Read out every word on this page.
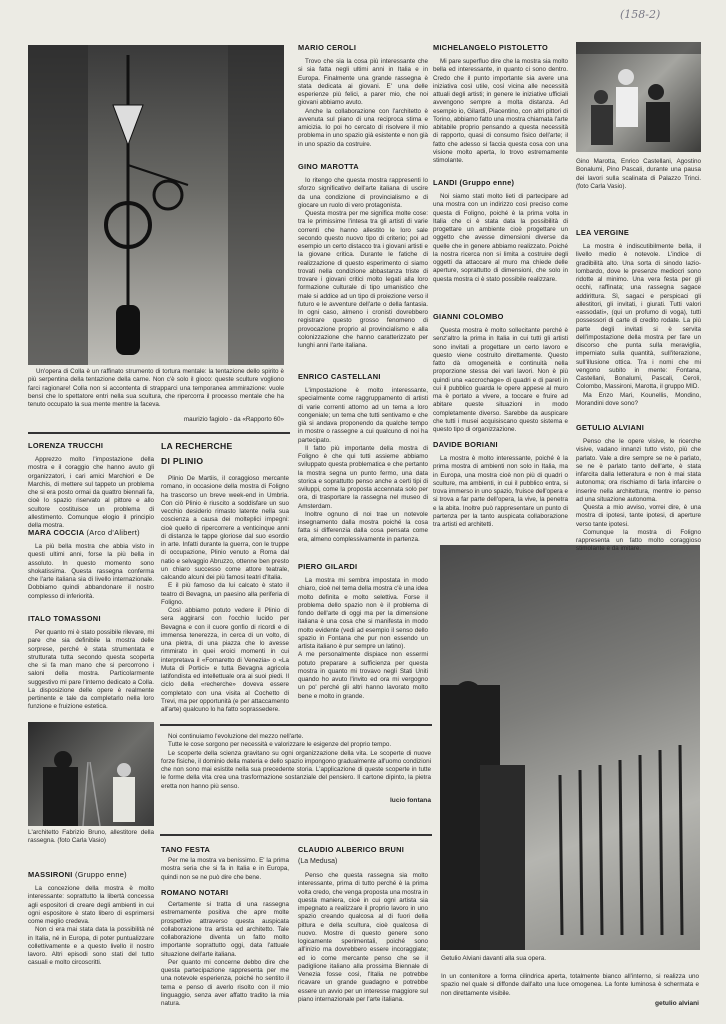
(158-2)
Un'opera di Colla è un raffinato strumento di tortura mentale: la tentazione dello spirito è più serpentina della tentazione della carne. Non c'è solo il gioco: queste sculture vogliono farci ragionare! Colla non si accontenta di strapparci una temporanea ammirazione: vuole bensì che lo spettatore entri nella sua scultura, che ripercorra il processo mentale che ha tenuto occupato la sua mente mentre la faceva.
maurizio fagiolo - da «Rapporto 60»
LORENZA TRUCCHI

Apprezzo molto l'impostazione della mostra e il coraggio che hanno avuto gli organizzatori, i cari amici Marchiori e De Marchis, di mettere sul tappeto un problema che si era posto ormai da quattro biennali fa, cioè lo spazio riservato al pittore e allo scultore costituisce un problema di allestimento. Comunque elogio il principio della mostra.

MARA COCCIA (Arco d'Alibert)

La più bella mostra che abbia visto in questi ultimi anni, forse la più bella in assoluto. In questo momento sono shokatissima. Questa rassegna conferma che l'arte italiana sia di livello internazionale. Dobbiamo quindi abbandonare il nostro complesso di inferiorità.

ITALO TOMASSONI

Per quanto mi è stato possibile rilevare, mi pare che sia definibile la mostra delle sorprese, perché è stata strumentata e strutturata tutta secondo questa scoperta che si fa man mano che si percorrono i saloni della mostra. Particolarmente suggestivo mi pare l'interno dedicato a Colla. La disposizione delle opere è realmente pertinente e tale da completarlo nella loro funzione e fruizione estetica.

L'architetto Fabrizio Bruno, allestitore della rassegna. (foto Carla Vasio)
MASSIRONI (Gruppo enne)

La concezione della mostra è molto interessante: soprattutto la libertà concessa agli espositori di creare degli ambienti in cui ogni espositore è stato libero di esprimersi come meglio credeva.

Non ci era mai stata data la possibilità né in Italia, né in Europa, di poter puntualizzare collettivamente e a questo livello il nostro lavoro. Altri episodi sono stati del tutto casuali e molto circoscritti.

LA RECHERCHE
DI PLINIO

Plinio De Martiis, il coraggioso mercante romano, in occasione della mostra di Foligno ha trascorso un breve week-end in Umbria. Con ciò Plinio è riuscito a soddisfare un suo vecchio desiderio rimasto latente nella sua coscienza a causa dei molteplici impegni: cioè quello di ripercorrere a venticinque anni di distanza le tappe gloriose dal suo esordio in arte. Infatti durante la guerra, con le truppe di occupazione, Plinio venuto a Roma dal natio e selvaggio Abruzzo, ottenne ben presto un chiaro successo come attore teatrale, calcando alcuni dei più famosi teatri d'Italia.

E il più famoso da lui calcato è stato il teatro di Bevagna, un paesino alla periferia di Foligno.

Così abbiamo potuto vedere il Plinio di sera aggirarsi con l'occhio lucido per Bevagna e con il cuore gonfio di ricordi e di immensa tenerezza, in cerca di un volto, di una pietra, di una piazza che lo avesse rimmirato in quei eroici momenti in cui interpretava il «Fornaretto di Venezia» o «La Muta di Portici» e tutta Bevagna agricola latifondista ed intellettuale ora ai suoi piedi. Il ciclo della «recherche» doveva essere completato con una visita al Cochetto di Trevi, ma per opportunità (e per attaccamento all'arte) qualcuno lo ha fatto soprassedere.

Noi continuiamo l'evoluzione del mezzo nell'arte.

Tutte le cose sorgono per necessità e valorizzare le esigenze del proprio tempo.

Le scoperte della scienza gravitano su ogni organizzazione della vita. Le scoperte di nuove forze fisiche, il dominio della materia e dello spazio impongono gradualmente all'uomo condizioni che non sono mai esistite nella sua precedente storia. L'applicazione di queste scoperte in tutte le forme della vita crea una trasformazione sostanziale del pensiero. Il cartone dipinto, la pietra eretta non hanno più senso.

lucio fontana
TANO FESTA

Per me la mostra va benissimo. E' la prima mostra seria che si fa in Italia e in Europa, quindi non se ne può dire che bene.

ROMANO NOTARI

Certamente si tratta di una rassegna estremamente positiva che apre molte prospettive attraverso questa auspicata collaborazione tra artista ed architetto. Tale collaborazione diventa un fatto molto importante soprattutto oggi, data l'attuale situazione dell'arte italiana.

Per quanto mi concerne debbo dire che questa partecipazione rappresenta per me una notevole esperienza, poiché ho sentito il tema e penso di averlo risolto con il mio linguaggio, senza aver affatto tradito la mia natura.

MARIO CEROLI

Trovo che sia la cosa più interessante che si sia fatta negli ultimi anni in Italia e in Europa. Finalmente una grande rassegna è stata dedicata ai giovani. E' una delle esperienze più felici, a parer mio, che noi giovani abbiamo avuto.

Anche la collaborazione con l'architetto è avvenuta sul piano di una reciproca stima e amicizia. Io poi ho cercato di risolvere il mio problema in uno spazio già esistente e non già in uno spazio da costruire.

GINO MAROTTA

Io ritengo che questa mostra rappresenti lo sforzo significativo dell'arte italiana di uscire da una condizione di provincialismo e di giocare un ruolo di vero protagonista.

Questa mostra per me significa molte cose: tra le primissime l'intesa tra gli artisti di varie correnti che hanno allestito le loro sale secondo questo nuovo tipo di criterio; poi ad esempio un certo distacco tra i giovani artisti e la giovane critica. Durante le fatiche di realizzazione di questo esperimento ci siamo trovati nella condizione abbastanza triste di trovare i giovani critici molto legati alla loro formazione culturale di tipo umanistico che male si addice ad un tipo di proiezione verso il futuro e le avventure dell'arte o della fantasia. In ogni caso, almeno i cronisti dovrebbero registrare questo grosso fenomeno di provocazione proprio al provincialismo e alla colonizzazione che hanno caratterizzato per lunghi anni l'arte italiana.

ENRICO CASTELLANI

L'impostazione è molto interessante, specialmente come raggruppamento di artisti di varie correnti attorno ad un tema a loro congeniale; un tema che tutti sentivamo e che già si andava proponendo da qualche tempo in mostre o rassegne a cui qualcuno di noi ha partecipato.

Il fatto più importante della mostra di Foligno è che qui tutti assieme abbiamo sviluppato questa problematica e che pertanto la mostra segna un punto fermo, una data storica e soprattutto penso anche a certi tipi di sviluppi, come la proposta accennata solo per ora, di trasportare la rassegna nel museo di Amsterdam.

Inoltre ognuno di noi trae un notevole insegnamento dalla mostra poiché la cosa fatta si differenzia dalla cosa pensata come era, almeno complessivamente in partenza.

PIERO GILARDI

La mostra mi sembra impostata in modo chiaro, cioè nel tema della mostra c'è una idea molto definita e molto selettiva. Forse il problema dello spazio non è il problema di fondo dell'arte di oggi ma per la dimensione italiana è una cosa che si manifesta in modo molto evidente (vedi ad esempio il senso dello spazio in Fontana che pur non essendo un artista italiano è pur sempre un latino).

A me personalmente dispiace non essermi potuto preparare a sufficienza per questa mostra in quanto mi trovavo negli Stati Uniti quando ho avuto l'invito ed ora mi vergogno un po' perché gli altri hanno lavorato molto bene e molto in grande.

CLAUDIO ALBERICO BRUNI
(La Medusa)

Penso che questa rassegna sia molto interessante, prima di tutto perché è la prima volta credo, che venga proposta una mostra in questa maniera, cioè in cui ogni artista sia impegnato a realizzare il proprio lavoro in uno spazio creando qualcosa al di fuori della pittura e della scultura, cioè qualcosa di nuovo. Mostre di questo genere sono logicamente sperimentali, poiché sono all'inizio ma dovrebbero essere incoraggiate; ed io come mercante penso che se il padiglione italiano alla prossima Biennale di Venezia fosse così, l'Italia ne potrebbe ricavare un grande guadagno e potrebbe essere un avvio per un interesse maggiore sul piano internazionale per l'arte italiana.

MICHELANGELO PISTOLETTO

Mi pare superfluo dire che la mostra sia molto bella ed interessante, in quanto ci sono dentro. Credo che il punto importante sia avere una iniziativa così utile, così vicina alle necessità attuali degli artisti; in genere le iniziative ufficiali avvengono sempre a molta distanza. Ad esempio io, Gilardi, Piacentino, con altri pittori di Torino, abbiamo fatto una mostra chiamata l'arte abitabile proprio pensando a questa necessità di rapporto, quasi di consumo fisico dell'arte; il fatto che adesso si faccia questa cosa con una visione molto aperta, lo trovo estremamente stimolante.

LANDI (Gruppo enne)

Noi siamo stati molto lieti di partecipare ad una mostra con un indirizzo così preciso come questa di Foligno, poiché è la prima volta in Italia che ci è stata data la possibilità di progettare un ambiente cioè progettare un oggetto che avesse dimensioni diverse da quelle che in genere abbiamo realizzato. Poiché la nostra ricerca non si limita a costruire degli oggetti da attaccare al muro ma chiede delle aperture, soprattutto di dimensioni, che solo in questa mostra ci è stato possibile realizzare.

GIANNI COLOMBO

Questa mostra è molto sollecitante perché è senz'altro la prima in Italia in cui tutti gli artisti sono invitati a progettare un certo lavoro e questo viene costruito direttamente. Questo fatto dà omogeneità e continuità nella proporzione stessa dei vari lavori. Non è più quindi una «accrochage» di quadri e di pareti in cui il pubblico guarda le opere appese al muro ma è portato a vivere, a toccare e fruire ad abitare queste situazioni in modo completamente diverso. Sarebbe da auspicare che tutti i musei acquisiscano questo sistema e questo tipo di organizzazione.

DAVIDE BORIANI

La mostra è molto interessante, poiché è la prima mostra di ambienti non solo in Italia, ma in Europa, una mostra cioè non più di quadri o sculture, ma ambienti, in cui il pubblico entra, si trova immerso in uno spazio, fruisce dell'opera e si trova a far parte dell'opera, la vive, la penetra e la abita. Inoltre può rappresentare un punto di partenza per la tanto auspicata collaborazione tra artisti ed architetti.

Getulio Alviani davanti alla sua opera.

In un contenitore a forma cilindrica aperta, totalmente bianco all'interno, si realizza uno spazio nel quale si diffonde dall'alto una luce omogenea. La fonte luminosa è schermata e non direttamente visibile.

getulio alviani
Gino Marotta, Enrico Castellani, Agostino Bonalumi, Pino Pascali, durante una pausa dei lavori sulla scalinata di Palazzo Trinci. (foto Carla Vasio).
LEA VERGINE

La mostra è indiscutibilmente bella, il livello medio è notevole. L'indice di gradibilità alto. Una sorta di sinodo lazio-lombardo, dove le presenze mediocri sono ridotte al minimo. Una vera festa per gli occhi, raffinata; una rassegna sagace addirittura. Sì, sagaci e perspicaci gli allestitori, gli invitati, i giurati. Tutti valori «assodati», (qui un profumo di voga), tutti possessori di carte di credito rodate. La più parte degli invitati si è servita dell'impostazione della mostra per fare un discorso che punta sulla meraviglia, imperniato sulla quantità, sull'iterazione, sull'illusione ottica. Tra i nomi che mi vengono subito in mente: Fontana, Castellani, Bonalumi, Pascali, Ceroli, Colombo, Massironi, Marotta, il gruppo MID.

Ma Enzo Mari, Kounellis, Mondino, Morandini dove sono?

GETULIO ALVIANI

Penso che le opere visive, le ricerche visive, vadano innanzi tutto visto, più che parlato. Vale a dire sempre se ne è parlato, se ne è parlato tanto dell'arte, è stata infarcita dalla letteratura e non è mai stata autonoma; ora rischiamo di farla infarcire o inserire nella architettura, mentre io penso ad una situazione autonoma.

Questa a mio avviso, vorrei dire, è una mostra di ipotesi, tante ipotesi, di aperture verso tante ipotesi.

Comunque la mostra di Foligno rappresenta un fatto molto coraggioso stimolante e da imitare.
